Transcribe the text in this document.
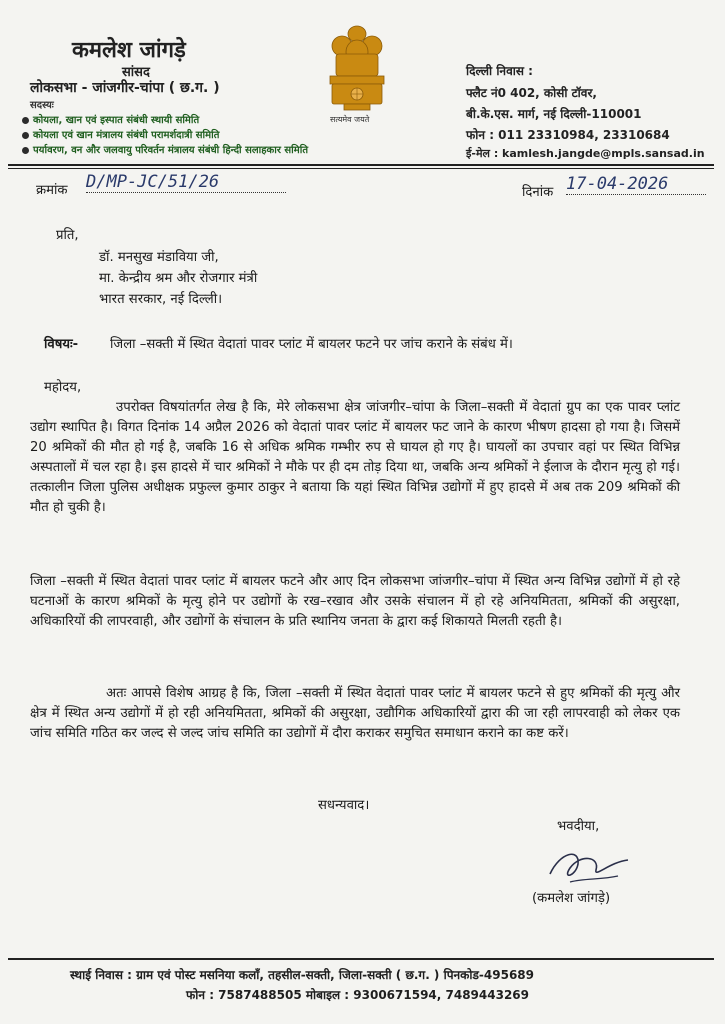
कमलेश जांगड़े
सांसद
लोकसभा - जांजगीर-चांपा ( छ.ग. )
सदस्यः
कोयला, खान एवं इस्पात संबंधी स्थायी समिति
कोयला एवं खान मंत्रालय संबंधी परामर्शदात्री समिति
पर्यावरण, वन और जलवायु परिवर्तन मंत्रालय संबंधी हिन्दी सलाहकार समिति
सत्यमेव जयते
दिल्ली निवास :
फ्लैट नं0 402, कोसी टॉवर,
बी.के.एस. मार्ग, नई दिल्ली-110001
फोन : 011 23310984, 23310684
ई-मेल : kamlesh.jangde@mpls.sansad.in
क्रमांक D/MP-JC/51/26
दिनांक 17-04-2026
प्रति,
डॉ. मनसुख मंडाविया जी,
मा. केन्द्रीय श्रम और रोजगार मंत्री
भारत सरकार, नई दिल्ली।
विषयः- जिला –सक्ती में स्थित वेदातां पावर प्लांट में बायलर फटने पर जांच कराने के संबंध में।
महोदय,
उपरोक्त विषयांतर्गत लेख है कि, मेरे लोकसभा क्षेत्र जांजगीर–चांपा के जिला–सक्ती में वेदातां ग्रुप का एक पावर प्लांट उद्योग स्थापित है। विगत दिनांक 14 अप्रैल 2026 को वेदातां पावर प्लांट में बायलर फट जाने के कारण भीषण हादसा हो गया है। जिसमें 20 श्रमिकों की मौत हो गई है, जबकि 16 से अधिक श्रमिक गम्भीर रुप से घायल हो गए है। घायलों का उपचार वहां पर स्थित विभिन्न अस्पतालों में चल रहा है। इस हादसे में चार श्रमिकों ने मौके पर ही दम तोड़ दिया था, जबकि अन्य श्रमिकों ने ईलाज के दौरान मृत्यु हो गई। तत्कालीन जिला पुलिस अधीक्षक प्रफुल्ल कुमार ठाकुर ने बताया कि यहां स्थित विभिन्न उद्योगों में हुए हादसे में अब तक 209 श्रमिकों की मौत हो चुकी है।
जिला –सक्ती में स्थित वेदातां पावर प्लांट में बायलर फटने और आए दिन लोकसभा जांजगीर–चांपा में स्थित अन्य विभिन्न उद्योगों में हो रहे घटनाओं के कारण श्रमिकों के मृत्यु होने पर उद्योगों के रख–रखाव और उसके संचालन में हो रहे अनियमितता, श्रमिकों की असुरक्षा, अधिकारियों की लापरवाही, और उद्योगों के संचालन के प्रति स्थानिय जनता के द्वारा कई शिकायते मिलती रहती है।
अतः आपसे विशेष आग्रह है कि, जिला –सक्ती में स्थित वेदातां पावर प्लांट में बायलर फटने से हुए श्रमिकों की मृत्यु और क्षेत्र में स्थित अन्य उद्योगों में हो रही अनियमितता, श्रमिकों की असुरक्षा, उद्यौगिक अधिकारियों द्वारा की जा रही लापरवाही को लेकर एक जांच समिति गठित कर जल्द से जल्द जांच समिति का उद्योगों में दौरा कराकर समुचित समाधान कराने का कष्ट करें।
सधन्यवाद।
भवदीया,
(कमलेश जांगड़े)
स्थाई निवास : ग्राम एवं पोस्ट मसनिया कलॉं, तहसील-सक्ती, जिला-सक्ती ( छ.ग. ) पिनकोड-495689
फोन : 7587488505 मोबाइल : 9300671594, 7489443269
